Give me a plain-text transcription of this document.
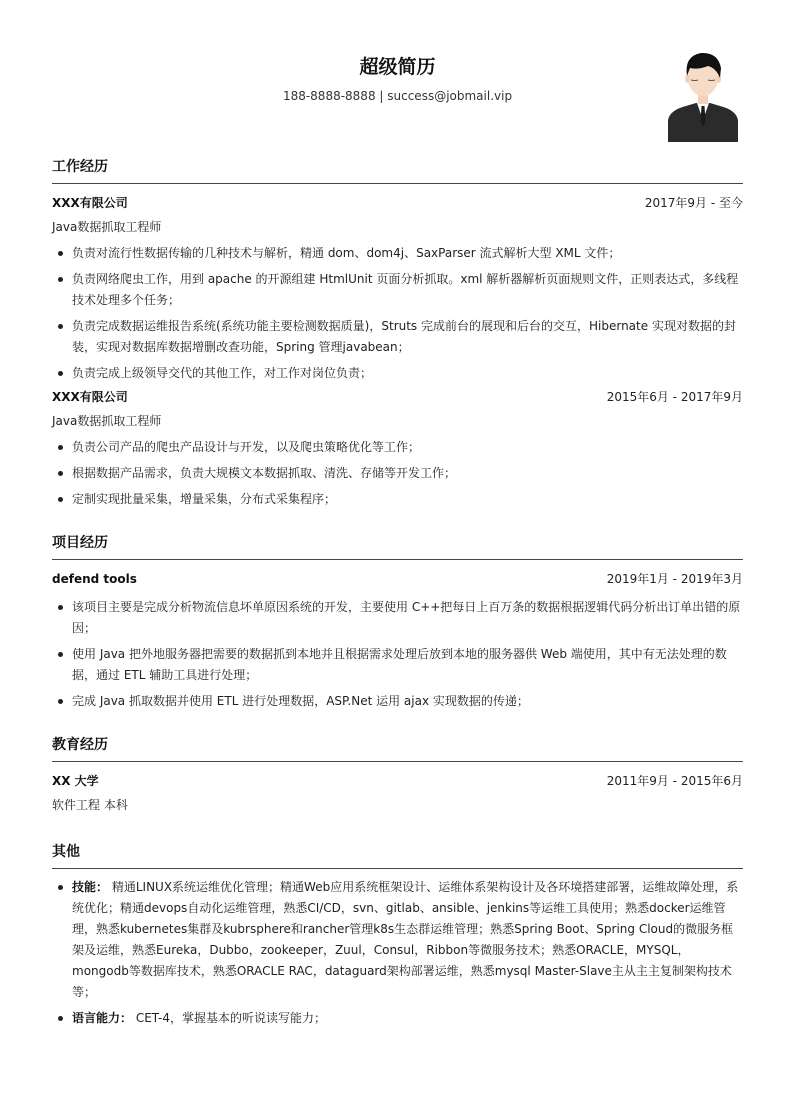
超级简历
188-8888-8888 | success@jobmail.vip
工作经历
XXX有限公司	2017年9月 - 至今
Java数据抓取工程师
负责对流行性数据传输的几种技术与解析，精通 dom、dom4j、SaxParser 流式解析大型 XML 文件；
负责网络爬虫工作，用到 apache 的开源组建 HtmlUnit 页面分析抓取。xml 解析器解析页面规则文件，正则表达式，多线程技术处理多个任务；
负责完成数据运维报告系统(系统功能主要检测数据质量)，Struts 完成前台的展现和后台的交互，Hibernate 实现对数据的封装，实现对数据库数据增删改查功能，Spring 管理javabean；
负责完成上级领导交代的其他工作，对工作对岗位负责；
XXX有限公司	2015年6月 - 2017年9月
Java数据抓取工程师
负责公司产品的爬虫产品设计与开发，以及爬虫策略优化等工作；
根据数据产品需求，负责大规模文本数据抓取、清洗、存储等开发工作；
定制实现批量采集，增量采集，分布式采集程序；
项目经历
defend tools	2019年1月 - 2019年3月
该项目主要是完成分析物流信息坏单原因系统的开发，主要使用 C++把每日上百万条的数据根据逻辑代码分析出订单出错的原因；
使用 Java 把外地服务器把需要的数据抓到本地并且根据需求处理后放到本地的服务器供 Web 端使用，其中有无法处理的数据，通过 ETL 辅助工具进行处理；
完成 Java 抓取数据并使用 ETL 进行处理数据，ASP.Net 运用 ajax 实现数据的传递；
教育经历
XX 大学	2011年9月 - 2015年6月
软件工程 本科
其他
技能： 精通LINUX系统运维优化管理；精通Web应用系统框架设计、运维体系架构设计及各环境搭建部署，运维故障处理，系统优化；精通devops自动化运维管理，熟悉CI/CD，svn、gitlab、ansible、jenkins等运维工具使用；熟悉docker运维管理，熟悉kubernetes集群及kubrsphere和rancher管理k8s生态群运维管理；熟悉Spring Boot、Spring Cloud的微服务框架及运维，熟悉Eureka，Dubbo，zookeeper，Zuul，Consul，Ribbon等微服务技术；熟悉ORACLE，MYSQL，mongodb等数据库技术，熟悉ORACLE RAC，dataguard架构部署运维，熟悉mysql Master-Slave主从主主复制架构技术等；
语言能力： CET-4，掌握基本的听说读写能力；
